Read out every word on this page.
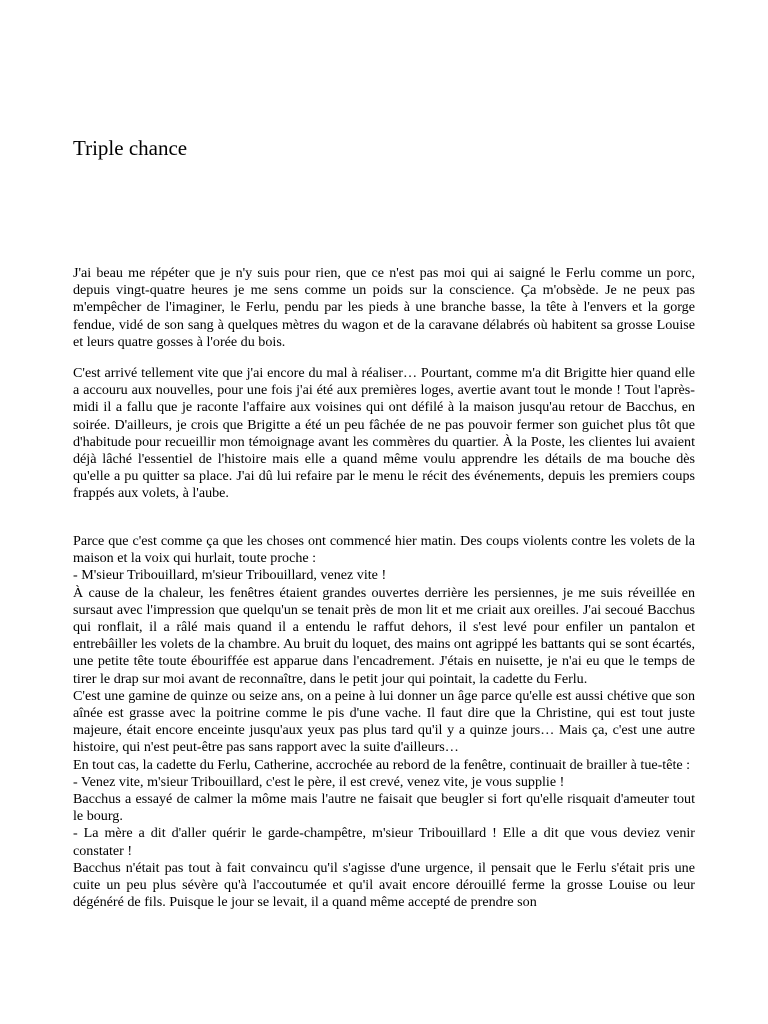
Triple chance

J'ai beau me répéter que je n'y suis pour rien, que ce n'est pas moi qui ai saigné le Ferlu comme un porc, depuis vingt-quatre heures je me sens comme un poids sur la conscience. Ça m'obsède. Je ne peux pas m'empêcher de l'imaginer, le Ferlu, pendu par les pieds à une branche basse, la tête à l'envers et la gorge fendue, vidé de son sang à quelques mètres du wagon et de la caravane délabrés où habitent sa grosse Louise et leurs quatre gosses à l'orée du bois.

C'est arrivé tellement vite que j'ai encore du mal à réaliser… Pourtant, comme m'a dit Brigitte hier quand elle a accouru aux nouvelles, pour une fois j'ai été aux premières loges, avertie avant tout le monde ! Tout l'après-midi il a fallu que je raconte l'affaire aux voisines qui ont défilé à la maison jusqu'au retour de Bacchus, en soirée. D'ailleurs, je crois que Brigitte a été un peu fâchée de ne pas pouvoir fermer son guichet plus tôt que d'habitude pour recueillir mon témoignage avant les commères du quartier. À la Poste, les clientes lui avaient déjà lâché l'essentiel de l'histoire mais elle a quand même voulu apprendre les détails de ma bouche dès qu'elle a pu quitter sa place. J'ai dû lui refaire par le menu le récit des événements, depuis les premiers coups frappés aux volets, à l'aube.

Parce que c'est comme ça que les choses ont commencé hier matin. Des coups violents contre les volets de la maison et la voix qui hurlait, toute proche :

- M'sieur Tribouillard, m'sieur Tribouillard, venez vite !

À cause de la chaleur, les fenêtres étaient grandes ouvertes derrière les persiennes, je me suis réveillée en sursaut avec l'impression que quelqu'un se tenait près de mon lit et me criait aux oreilles. J'ai secoué Bacchus qui ronflait, il a râlé mais quand il a entendu le raffut dehors, il s'est levé pour enfiler un pantalon et entrebâiller les volets de la chambre. Au bruit du loquet, des mains ont agrippé les battants qui se sont écartés, une petite tête toute ébouriffée est apparue dans l'encadrement. J'étais en nuisette, je n'ai eu que le temps de tirer le drap sur moi avant de reconnaître, dans le petit jour qui pointait, la cadette du Ferlu.

C'est une gamine de quinze ou seize ans, on a peine à lui donner un âge parce qu'elle est aussi chétive que son aînée est grasse avec la poitrine comme le pis d'une vache. Il faut dire que la Christine, qui est tout juste majeure, était encore enceinte jusqu'aux yeux pas plus tard qu'il y a quinze jours… Mais ça, c'est une autre histoire, qui n'est peut-être pas sans rapport avec la suite d'ailleurs…

En tout cas, la cadette du Ferlu, Catherine, accrochée au rebord de la fenêtre, continuait de brailler à tue-tête :

- Venez vite, m'sieur Tribouillard, c'est le père, il est crevé, venez vite, je vous supplie !

Bacchus a essayé de calmer la môme mais l'autre ne faisait que beugler si fort qu'elle risquait d'ameuter tout le bourg.

- La mère a dit d'aller quérir le garde-champêtre, m'sieur Tribouillard ! Elle a dit que vous deviez venir constater !

Bacchus n'était pas tout à fait convaincu qu'il s'agisse d'une urgence, il pensait que le Ferlu s'était pris une cuite un peu plus sévère qu'à l'accoutumée et qu'il avait encore dérouillé ferme la grosse Louise ou leur dégénéré de fils. Puisque le jour se levait, il a quand même accepté de prendre son
